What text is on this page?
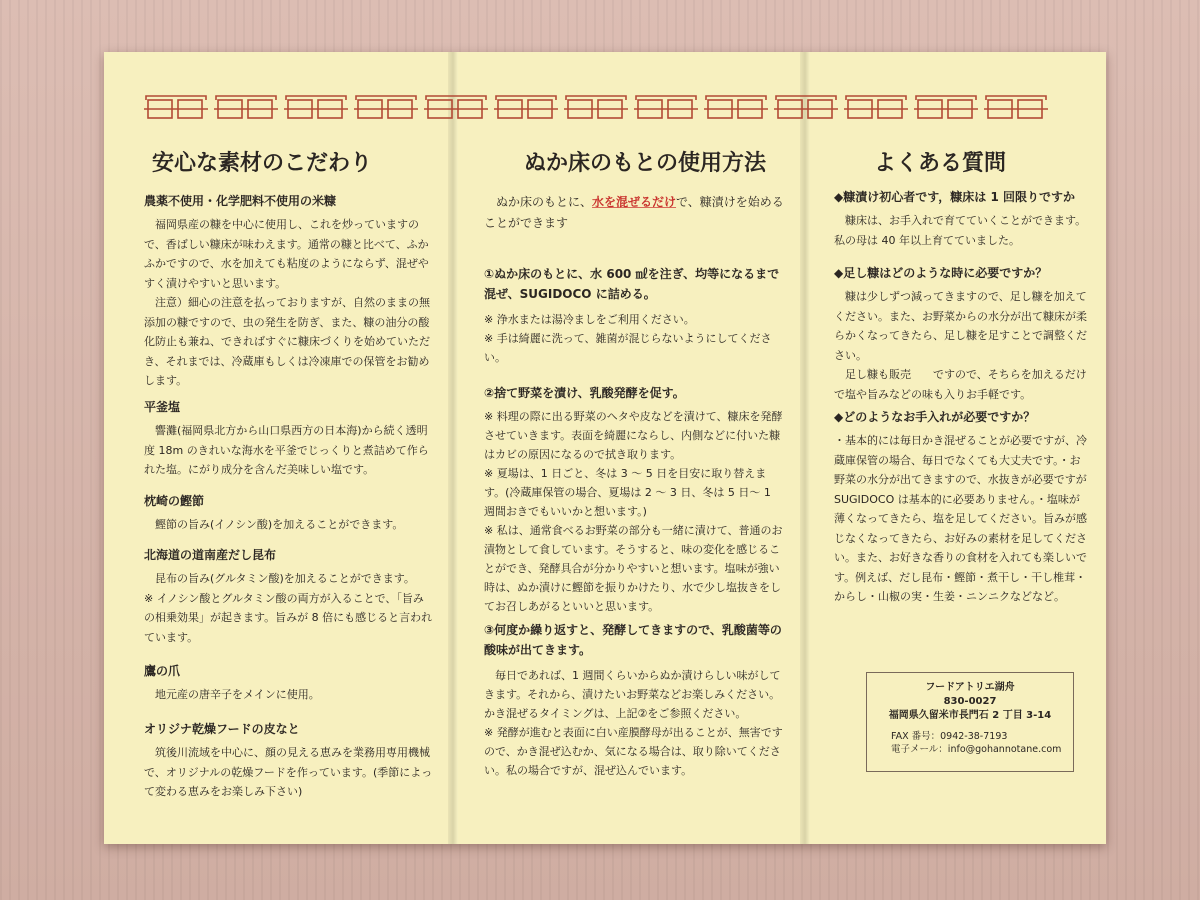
安心な素材のこだわり

農薬不使用・化学肥料不使用の米糠

福岡県産の糠を中心に使用し、これを炒っていますので、香ばしい糠床が味わえます。通常の糠と比べて、ふかふかですので、水を加えても粘度のようにならず、混ぜやすく漬けやすいと思います。

注意）細心の注意を払っておりますが、自然のままの無添加の糠ですので、虫の発生を防ぎ、また、糠の油分の酸化防止も兼ね、できればすぐに糠床づくりを始めていただき、それまでは、冷蔵庫もしくは冷凍庫での保管をお勧めします。

平釜塩

響灘(福岡県北方から山口県西方の日本海)から続く透明度 18m のきれいな海水を平釜でじっくりと煮詰めて作られた塩。にがり成分を含んだ美味しい塩です。

枕崎の鰹節

鰹節の旨み(イノシン酸)を加えることができます。

北海道の道南産だし昆布

昆布の旨み(グルタミン酸)を加えることができます。

※ イノシン酸とグルタミン酸の両方が入ることで、「旨みの相乗効果」が起きます。旨みが 8 倍にも感じると言われています。

鷹の爪

地元産の唐辛子をメインに使用。

オリジナ乾燥フードの皮なと

筑後川流域を中心に、顔の見える恵みを業務用専用機械で、オリジナルの乾燥フードを作っています。(季節によって変わる恵みをお楽しみ下さい)

ぬか床のもとの使用方法

ぬか床のもとに、水を混ぜるだけで、糠漬けを始めることができます

①ぬか床のもとに、水 600 ㎖を注ぎ、均等になるまで混ぜ、SUGIDOCO に詰める。

※ 浄水または湯冷ましをご利用ください。

※ 手は綺麗に洗って、雑菌が混じらないようにしてください。

②捨て野菜を漬け、乳酸発酵を促す。

※ 料理の際に出る野菜のヘタや皮などを漬けて、糠床を発酵させていきます。表面を綺麗にならし、内側などに付いた糠はカビの原因になるので拭き取ります。

※ 夏場は、1 日ごと、冬は 3 ～ 5 日を目安に取り替えます。(冷蔵庫保管の場合、夏場は 2 ～ 3 日、冬は 5 日～ 1 週間おきでもいいかと想います。)

※ 私は、通常食べるお野菜の部分も一緒に漬けて、普通のお漬物として食しています。そうすると、味の変化を感じることができ、発酵具合が分かりやすいと想います。塩味が強い時は、ぬか漬けに鰹節を振りかけたり、水で少し塩抜きをしてお召しあがるといいと思います。

③何度か繰り返すと、発酵してきますので、乳酸菌等の酸味が出てきます。

毎日であれば、1 週間くらいからぬか漬けらしい味がしてきます。それから、漬けたいお野菜などお楽しみください。かき混ぜるタイミングは、上記②をご参照ください。

※ 発酵が進むと表面に白い産膜酵母が出ることが、無害ですので、かき混ぜ込むか、気になる場合は、取り除いてください。私の場合ですが、混ぜ込んでいます。

よくある質問

◆糠漬け初心者です，糠床は 1 回限りですか

糠床は、お手入れで育てていくことができます。私の母は 40 年以上育てていました。

◆足し糠はどのような時に必要ですか？

糠は少しずつ減ってきますので、足し糠を加えてください。また、お野菜からの水分が出て糠床が柔らかくなってきたら、足し糠を足すことで調整ください。

足し糠も販売　　ですので、そちらを加えるだけで塩や旨みなどの味も入りお手軽です。

◆どのようなお手入れが必要ですか？

・基本的には毎日かき混ぜることが必要ですが、冷蔵庫保管の場合、毎日でなくても大丈夫です。・お野菜の水分が出てきますので、水抜きが必要ですが SUGIDOCO は基本的に必要ありません。・塩味が薄くなってきたら、塩を足してください。旨みが感じなくなってきたら、お好みの素材を足してください。また、お好きな香りの食材を入れても楽しいです。例えば、だし昆布・鰹節・煮干し・干し椎茸・からし・山椒の実・生姜・ニンニクなどなど。

フードアトリエ湖舟
830-0027
福岡県久留米市長門石 2 丁目 3-14
FAX 番号：0942-38-7193
電子メール：info@gohannotane.com
